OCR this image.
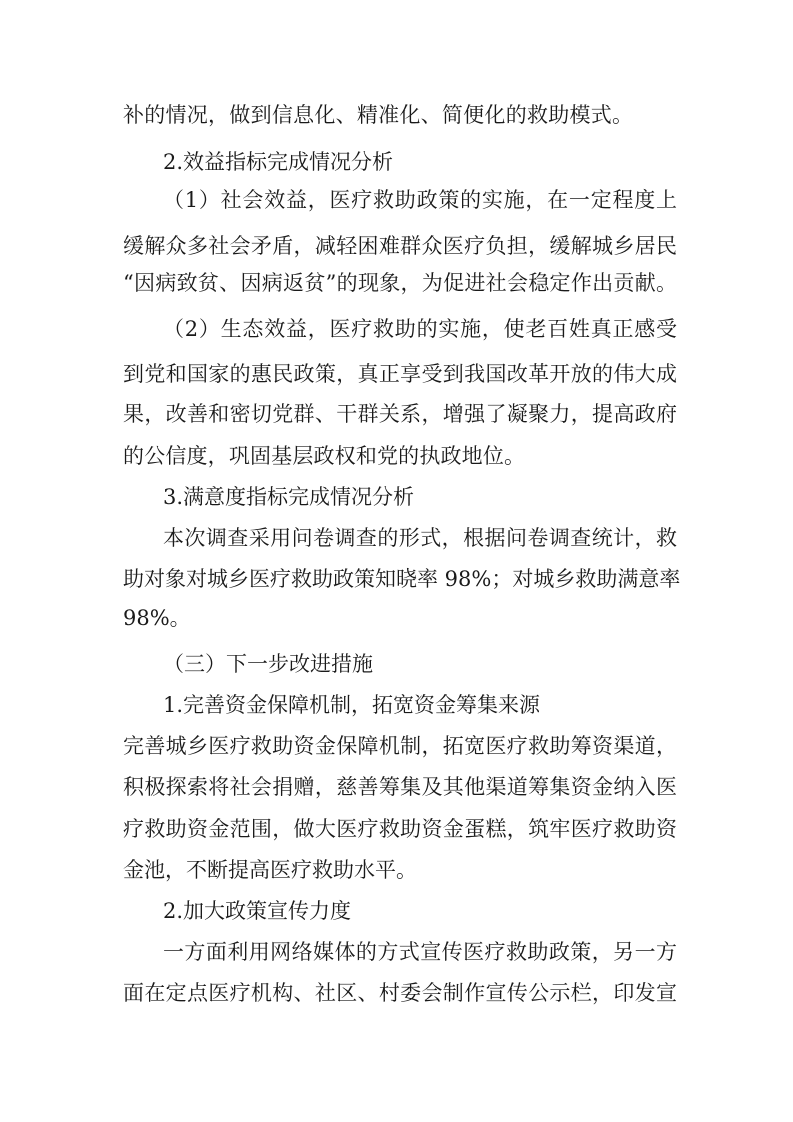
补的情况，做到信息化、精准化、简便化的救助模式。

2.效益指标完成情况分析

（1）社会效益，医疗救助政策的实施，在一定程度上

缓解众多社会矛盾，减轻困难群众医疗负担，缓解城乡居民

“因病致贫、因病返贫”的现象，为促进社会稳定作出贡献。

（2）生态效益，医疗救助的实施，使老百姓真正感受

到党和国家的惠民政策，真正享受到我国改革开放的伟大成

果，改善和密切党群、干群关系，增强了凝聚力，提高政府

的公信度，巩固基层政权和党的执政地位。

3.满意度指标完成情况分析

本次调查采用问卷调查的形式，根据问卷调查统计，救

助对象对城乡医疗救助政策知晓率 98%；对城乡救助满意率

98%。

（三）下一步改进措施

1.完善资金保障机制，拓宽资金筹集来源

完善城乡医疗救助资金保障机制，拓宽医疗救助筹资渠道，

积极探索将社会捐赠，慈善筹集及其他渠道筹集资金纳入医

疗救助资金范围，做大医疗救助资金蛋糕，筑牢医疗救助资

金池，不断提高医疗救助水平。

2.加大政策宣传力度

一方面利用网络媒体的方式宣传医疗救助政策，另一方

面在定点医疗机构、社区、村委会制作宣传公示栏，印发宣
